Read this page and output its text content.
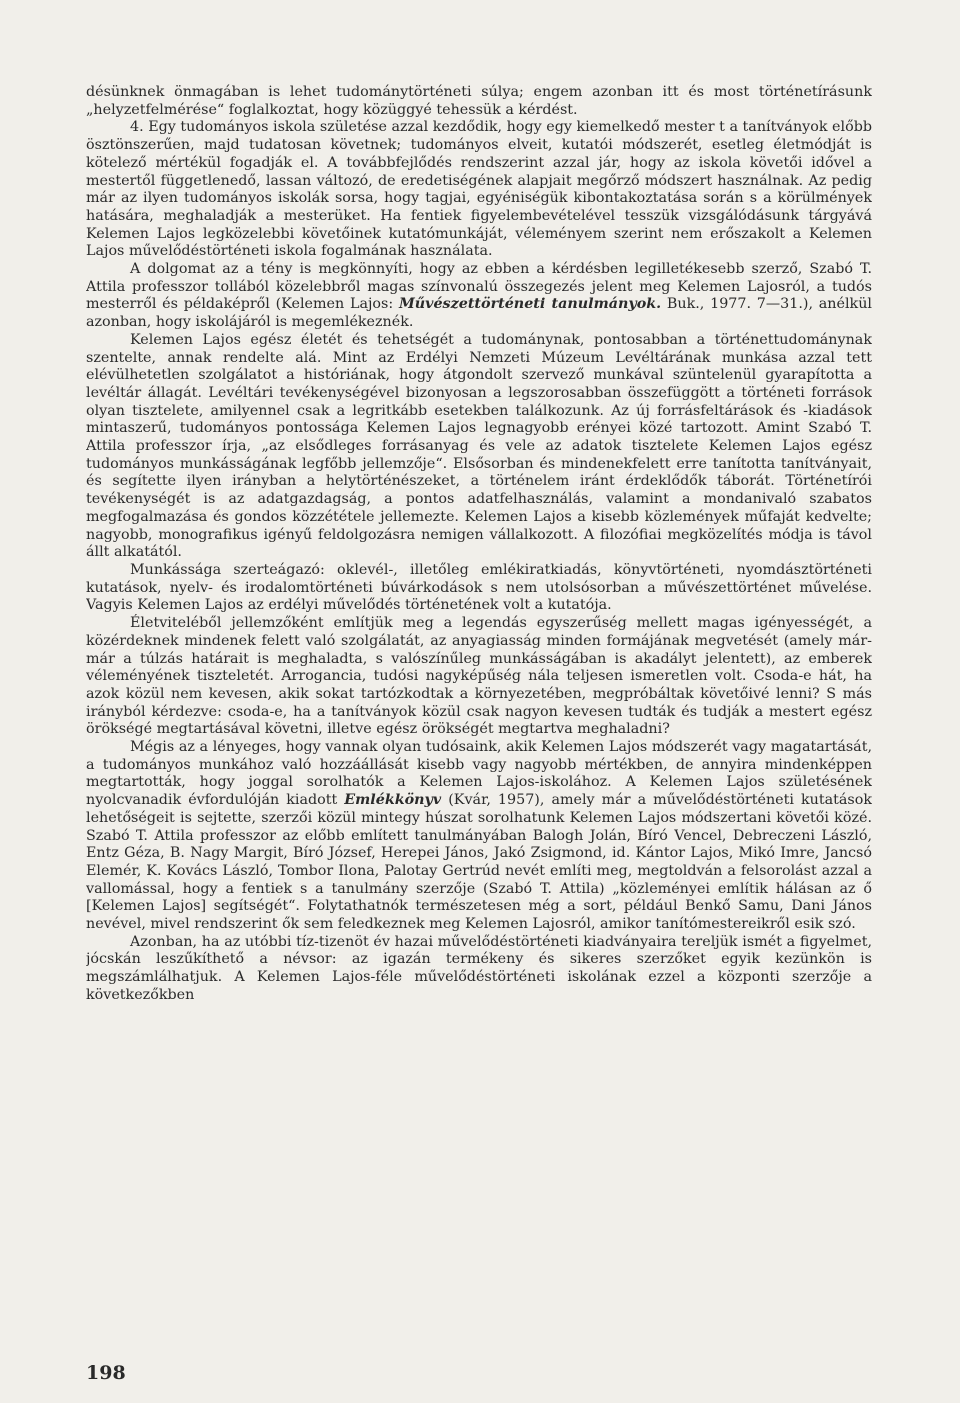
désünknek önmagában is lehet tudománytörténeti súlya; engem azonban itt és most történetírásunk „helyzetfelmérése“ foglalkoztat, hogy közüggyé tehessük a kérdést.

4. Egy tudományos iskola születése azzal kezdődik, hogy egy kiemelkedő mester t a tanítványok előbb ösztönszerűen, majd tudatosan követnek; tudományos elveit, kutatói módszerét, esetleg életmódját is kötelező mértékül fogadják el. A továbbfejlődés rendszerint azzal jár, hogy az iskola követői idővel a mestertől függetlenedő, lassan változó, de eredetiségének alapjait megőrző módszert használnak. Az pedig már az ilyen tudományos iskolák sorsa, hogy tagjai, egyéniségük kibontakoztatása során s a körülmények hatására, meghaladják a mesterüket. Ha fentiek figyelembevételével tesszük vizsgálódásunk tárgyává Kelemen Lajos legközelebbi követőinek kutatómunkáját, véleményem szerint nem erőszakolt a Kelemen Lajos művelődéstörténeti iskola fogalmának használata.

A dolgomat az a tény is megkönnyíti, hogy az ebben a kérdésben legilletékesebb szerző, Szabó T. Attila professzor tollából közelebbről magas színvonalú összegezés jelent meg Kelemen Lajosról, a tudós mesterről és példaképről (Kelemen Lajos: Művészettörténeti tanulmányok. Buk., 1977. 7—31.), anélkül azonban, hogy iskolájáról is megemlékeznék.

Kelemen Lajos egész életét és tehetségét a tudománynak, pontosabban a történettudománynak szentelte, annak rendelte alá. Mint az Erdélyi Nemzeti Múzeum Levéltárának munkása azzal tett elévülhetetlen szolgálatot a históriának, hogy átgondolt szervező munkával szüntelenül gyarapította a levéltár állagát. Levéltári tevékenységével bizonyosan a legszorosabban összefüggött a történeti források olyan tisztelete, amilyennel csak a legritkább esetekben találkozunk. Az új forrásfeltárások és -kiadások mintaszerű, tudományos pontossága Kelemen Lajos legnagyobb erényei közé tartozott. Amint Szabó T. Attila professzor írja, „az elsődleges forrásanyag és vele az adatok tisztelete Kelemen Lajos egész tudományos munkásságának legfőbb jellemzője“. Elsősorban és mindenekfelett erre tanította tanítványait, és segítette ilyen irányban a helytörténészeket, a történelem iránt érdeklődők táborát. Történetírói tevékenységét is az adatgazdagság, a pontos adatfelhasználás, valamint a mondanivaló szabatos megfogalmazása és gondos közzététele jellemezte. Kelemen Lajos a kisebb közlemények műfaját kedvelte; nagyobb, monografikus igényű feldolgozásra nemigen vállalkozott. A filozófiai megközelítés módja is távol állt alkatától.

Munkássága szerteágazó: oklevél-, illetőleg emlékiratkiadás, könyvtörténeti, nyomdásztörténeti kutatások, nyelv- és irodalomtörténeti búvárkodások s nem utolsósorban a művészettörténet művelése. Vagyis Kelemen Lajos az erdélyi művelődés történetének volt a kutatója.

Életviteléből jellemzőként említjük meg a legendás egyszerűség mellett magas igényességét, a közérdeknek mindenek felett való szolgálatát, az anyagiasság minden formájának megvetését (amely már-már a túlzás határait is meghaladta, s valószínűleg munkásságában is akadályt jelentett), az emberek véleményének tiszteletét. Arrogancia, tudósi nagyképűség nála teljesen ismeretlen volt. Csoda-e hát, ha azok közül nem kevesen, akik sokat tartózkodtak a környezetében, megpróbáltak követőivé lenni? S más irányból kérdezve: csoda-e, ha a tanítványok közül csak nagyon kevesen tudták és tudják a mestert egész örökségé megtartásával követni, illetve egész örökségét megtartva meghaladni?

Mégis az a lényeges, hogy vannak olyan tudósaink, akik Kelemen Lajos módszerét vagy magatartását, a tudományos munkához való hozzáállását kisebb vagy nagyobb mértékben, de annyira mindenképpen megtartották, hogy joggal sorolhatók a Kelemen Lajos-iskolához. A Kelemen Lajos születésének nyolcvanadik évfordulóján kiadott Emlékkönyv (Kvár, 1957), amely már a művelődéstörténeti kutatások lehetőségeit is sejtette, szerzői közül mintegy húszat sorolhatunk Kelemen Lajos módszertani követői közé. Szabó T. Attila professzor az előbb említett tanulmányában Balogh Jolán, Bíró Vencel, Debreczeni László, Entz Géza, B. Nagy Margit, Bíró József, Herepei János, Jakó Zsigmond, id. Kántor Lajos, Mikó Imre, Jancsó Elemér, K. Kovács László, Tombor Ilona, Palotay Gertrúd nevét említi meg, megtoldván a felsorolást azzal a vallomással, hogy a fentiek s a tanulmány szerzője (Szabó T. Attila) „közleményei említik hálásan az ő [Kelemen Lajos] segítségét“. Folytathatnók természetesen még a sort, például Benkő Samu, Dani János nevével, mivel rendszerint ők sem feledkeznek meg Kelemen Lajosról, amikor tanítómestereikről esik szó.

Azonban, ha az utóbbi tíz-tizenöt év hazai művelődéstörténeti kiadványaira tereljük ismét a figyelmet, jócskán leszűkíthető a névsor: az igazán termékeny és sikeres szerzőket egyik kezünkön is megszámlálhatjuk. A Kelemen Lajos-féle művelődéstörténeti iskolának ezzel a központi szerzője a következőkben

198
